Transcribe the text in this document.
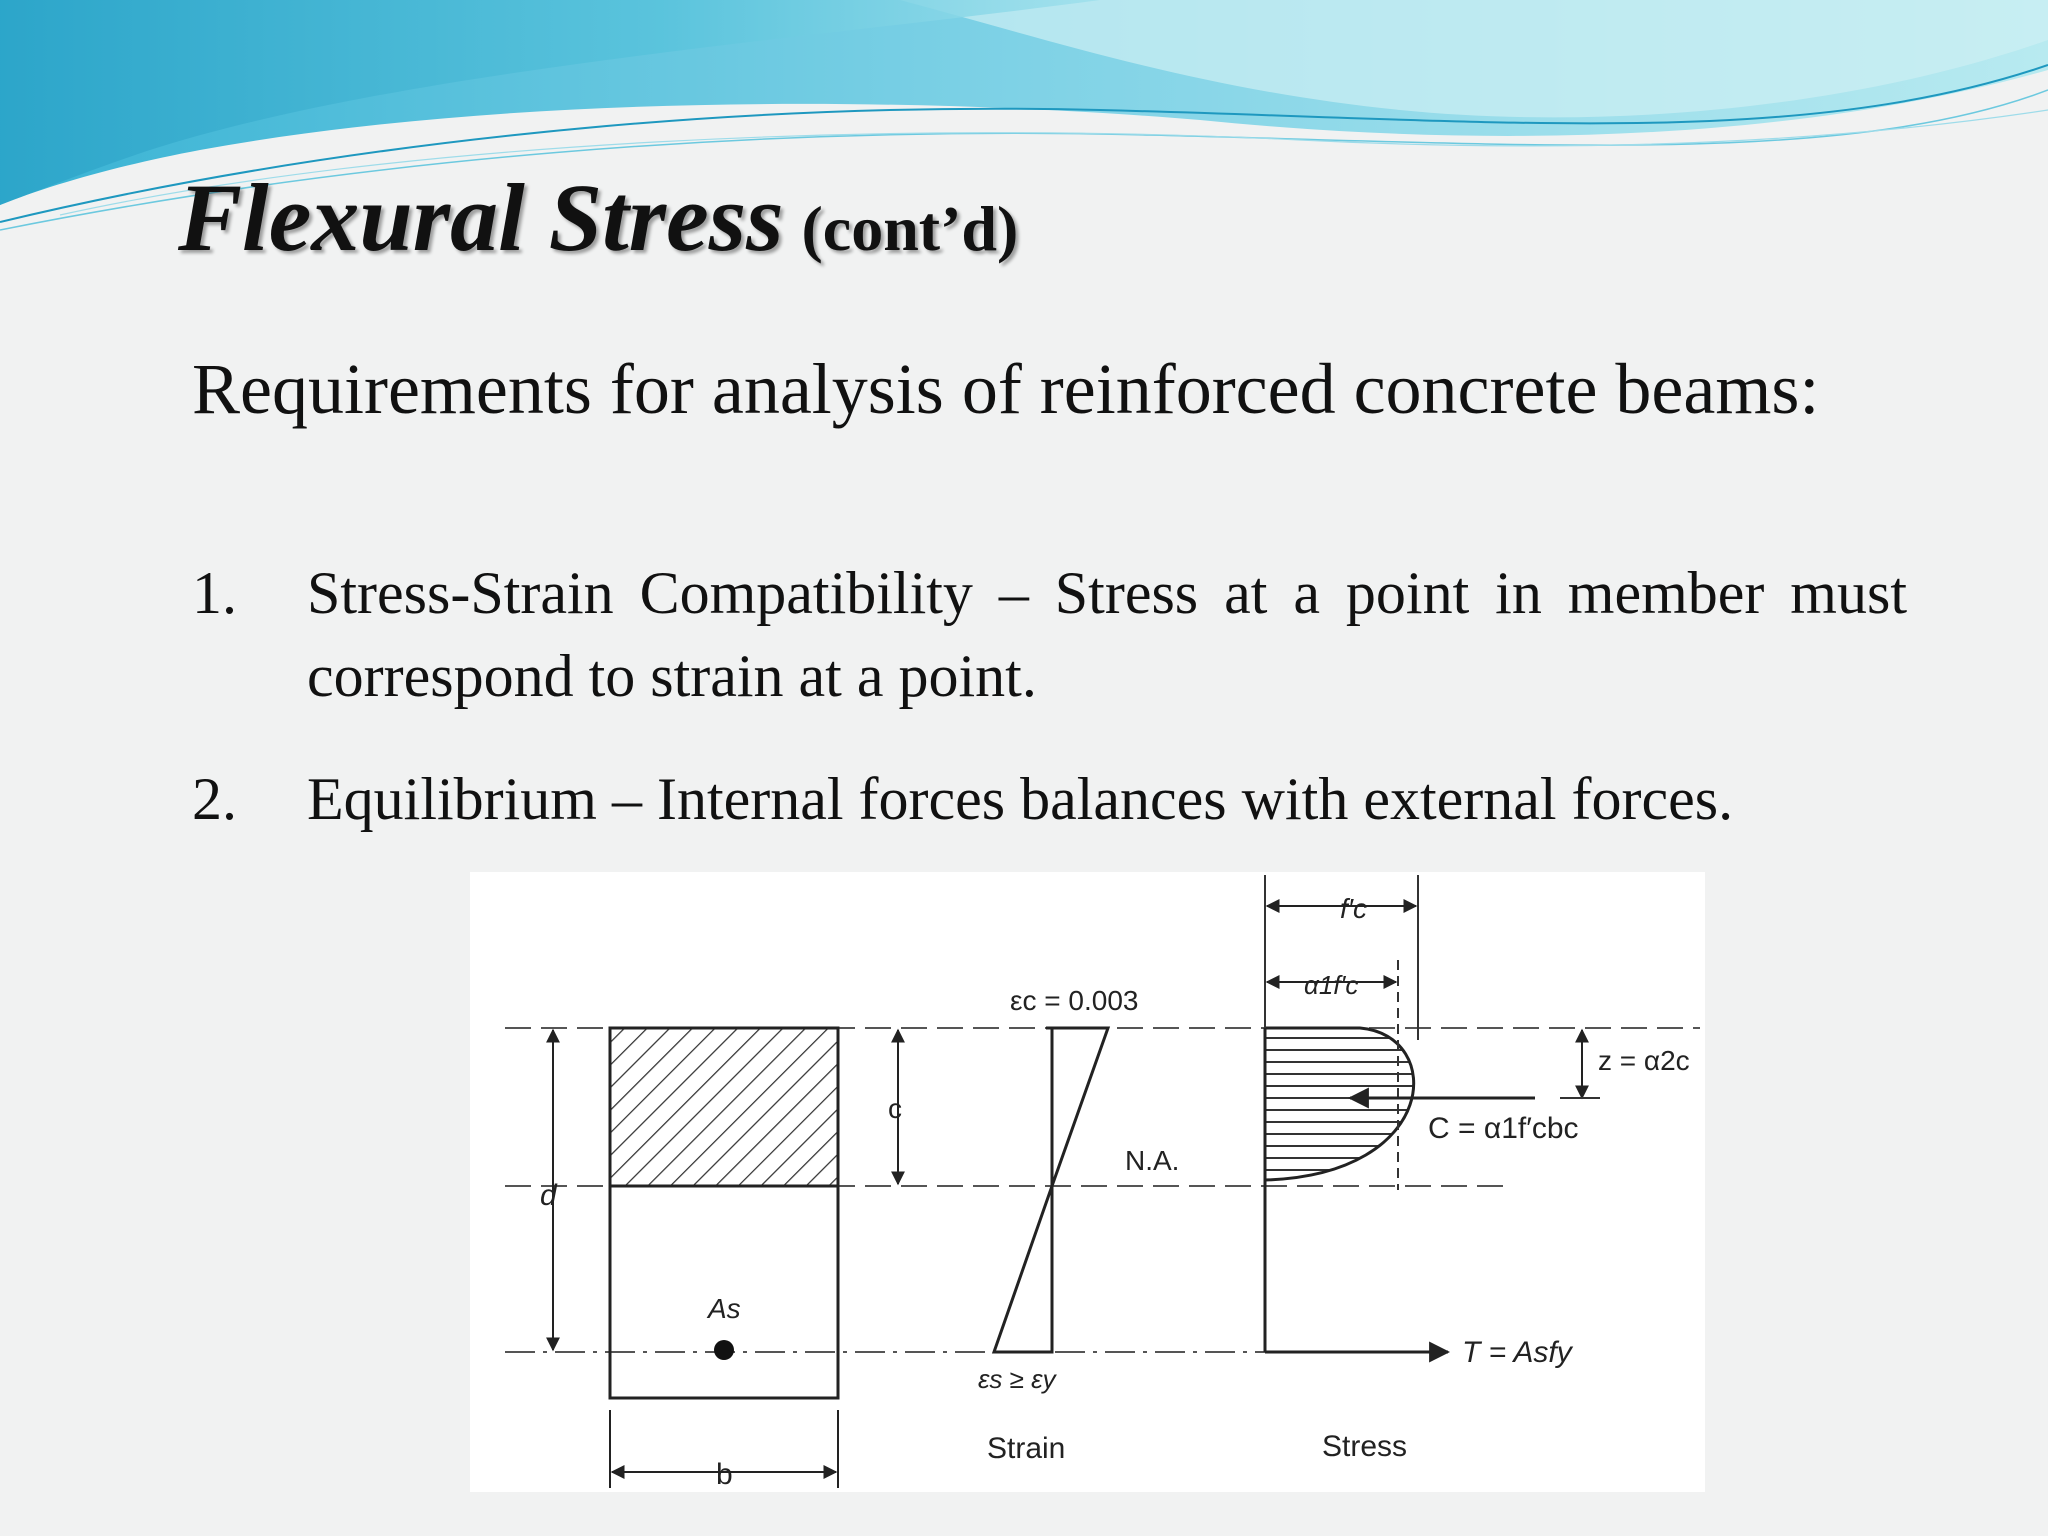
Flexural Stress (cont’d)
Requirements for analysis of reinforced concrete beams:
1. Stress-Strain Compatibility – Stress at a point in member must correspond to strain at a point.
2. Equilibrium – Internal forces balances with external forces.
f′c
α1f′c
εc = 0.003
c
d
b
As
N.A.
εs ≥ εy
z = α2c
C = α1f′cbc
T = Asfy
Strain	Stress
